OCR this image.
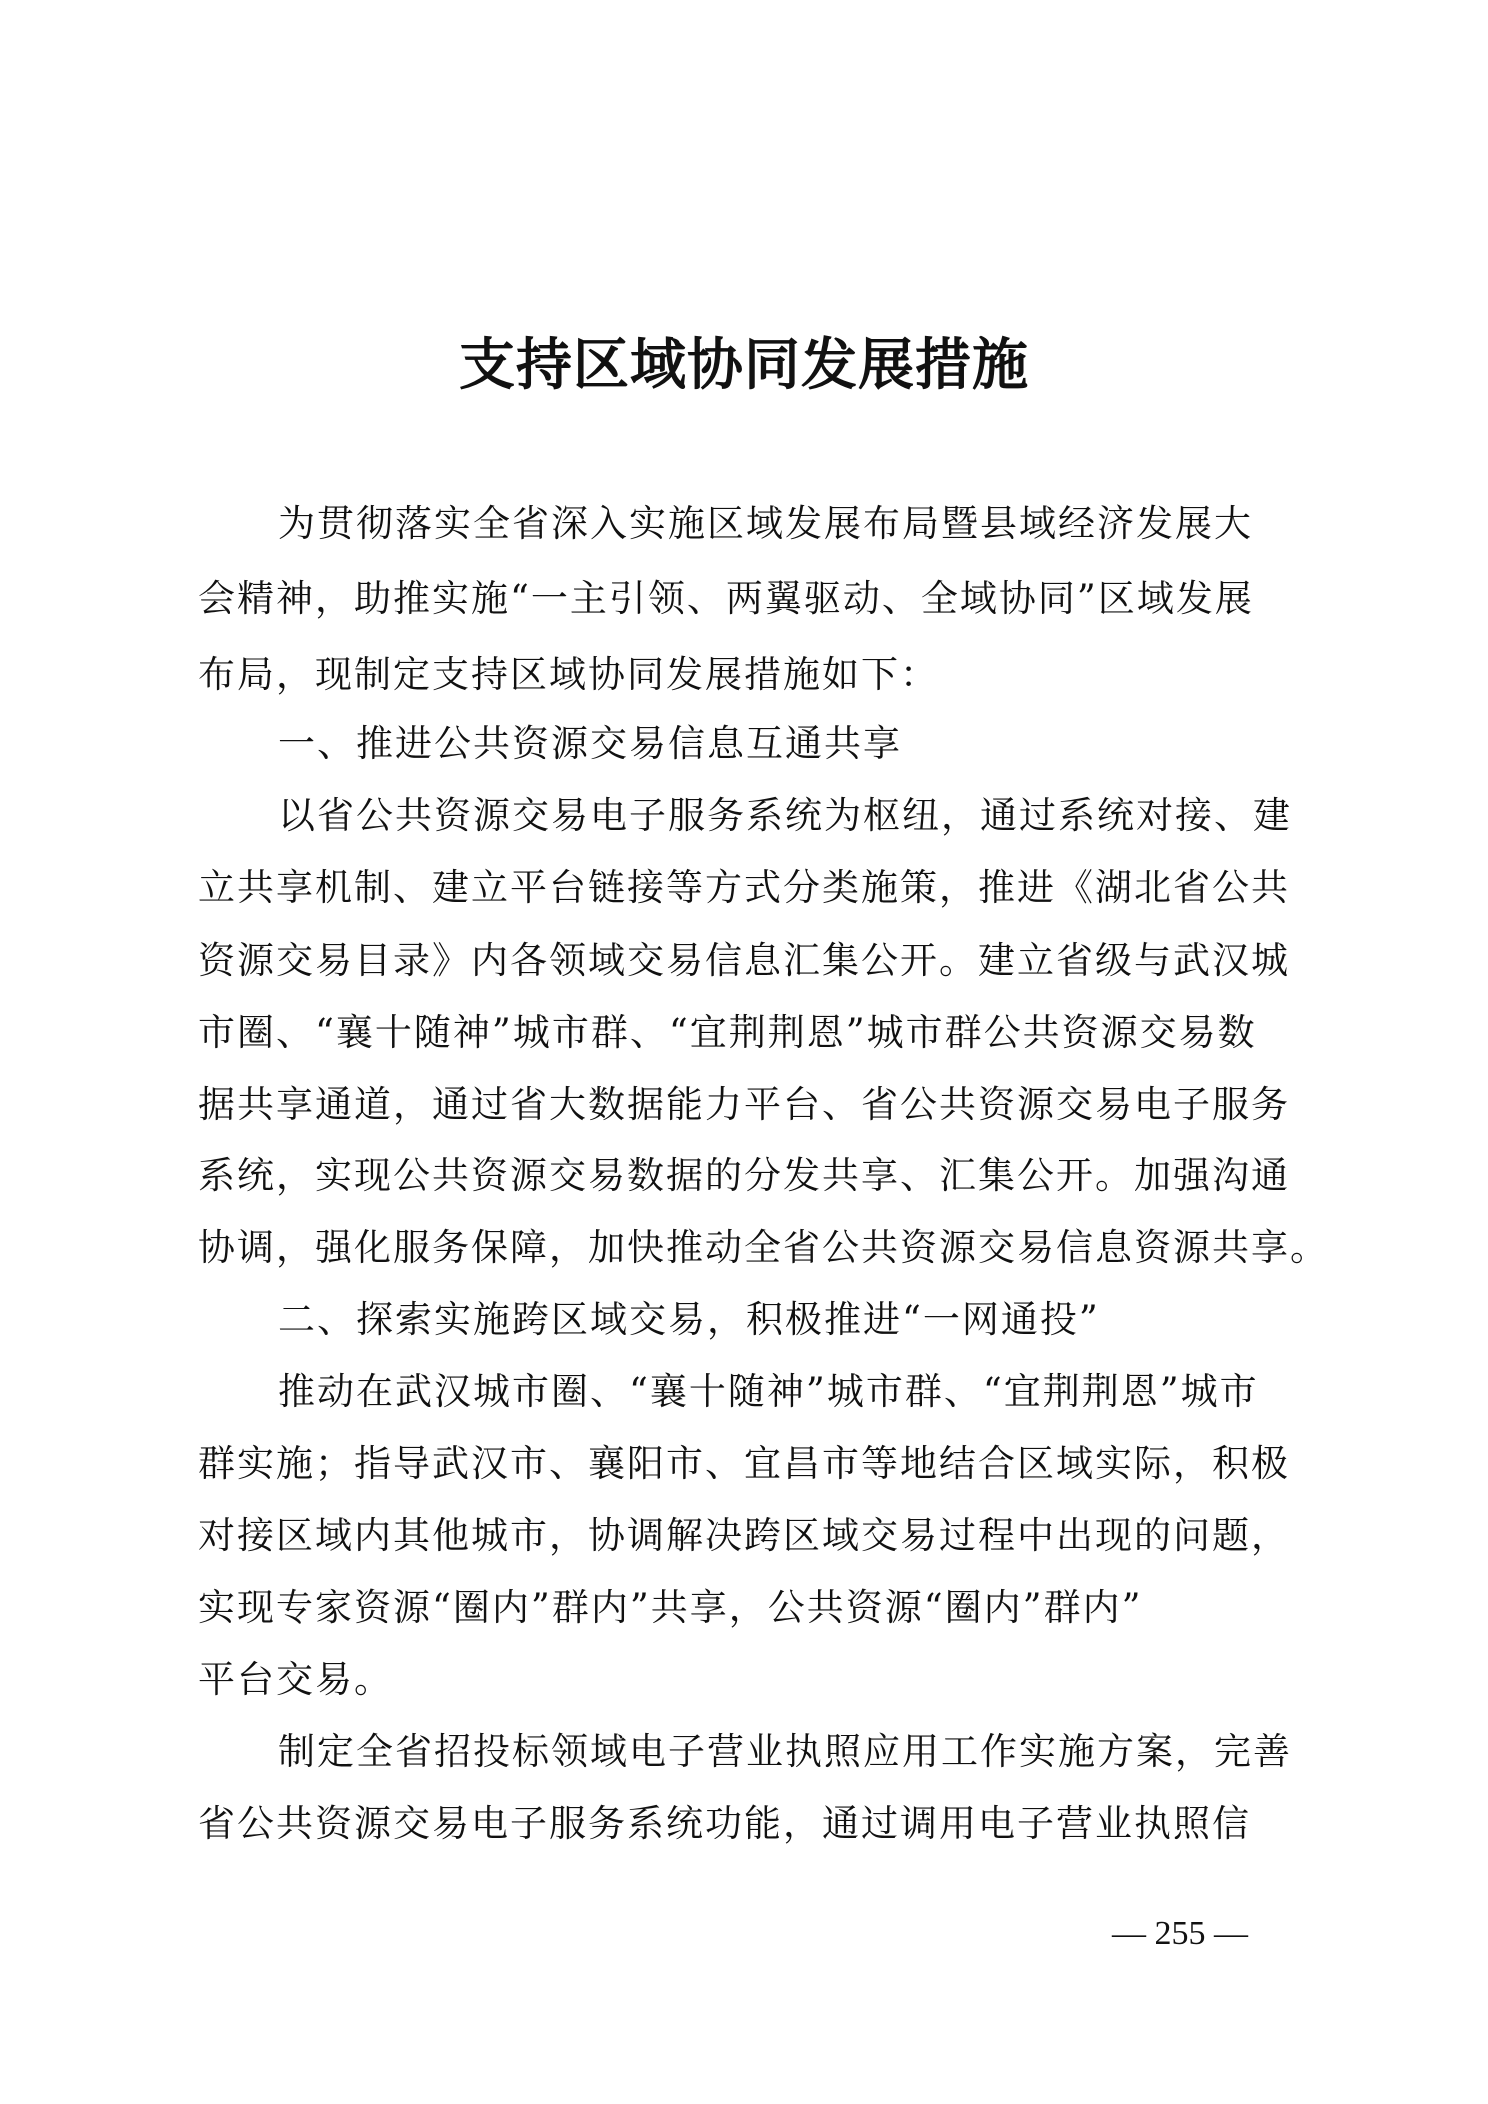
支持区域协同发展措施
为贯彻落实全省深入实施区域发展布局暨县域经济发展大
会精神，助推实施“一主引领、两翼驱动、全域协同”区域发展
布局，现制定支持区域协同发展措施如下：
一、推进公共资源交易信息互通共享
以省公共资源交易电子服务系统为枢纽，通过系统对接、建
立共享机制、建立平台链接等方式分类施策，推进《湖北省公共
资源交易目录》内各领域交易信息汇集公开。建立省级与武汉城
市圈、“襄十随神”城市群、“宜荆荆恩”城市群公共资源交易数
据共享通道，通过省大数据能力平台、省公共资源交易电子服务
系统，实现公共资源交易数据的分发共享、汇集公开。加强沟通
协调，强化服务保障，加快推动全省公共资源交易信息资源共享。
二、探索实施跨区域交易，积极推进“一网通投”
推动在武汉城市圈、“襄十随神”城市群、“宜荆荆恩”城市
群实施；指导武汉市、襄阳市、宜昌市等地结合区域实际，积极
对接区域内其他城市，协调解决跨区域交易过程中出现的问题，
实现专家资源“圈内”群内”共享，公共资源“圈内”群内”
平台交易。
制定全省招投标领域电子营业执照应用工作实施方案，完善
省公共资源交易电子服务系统功能，通过调用电子营业执照信
— 255 —
